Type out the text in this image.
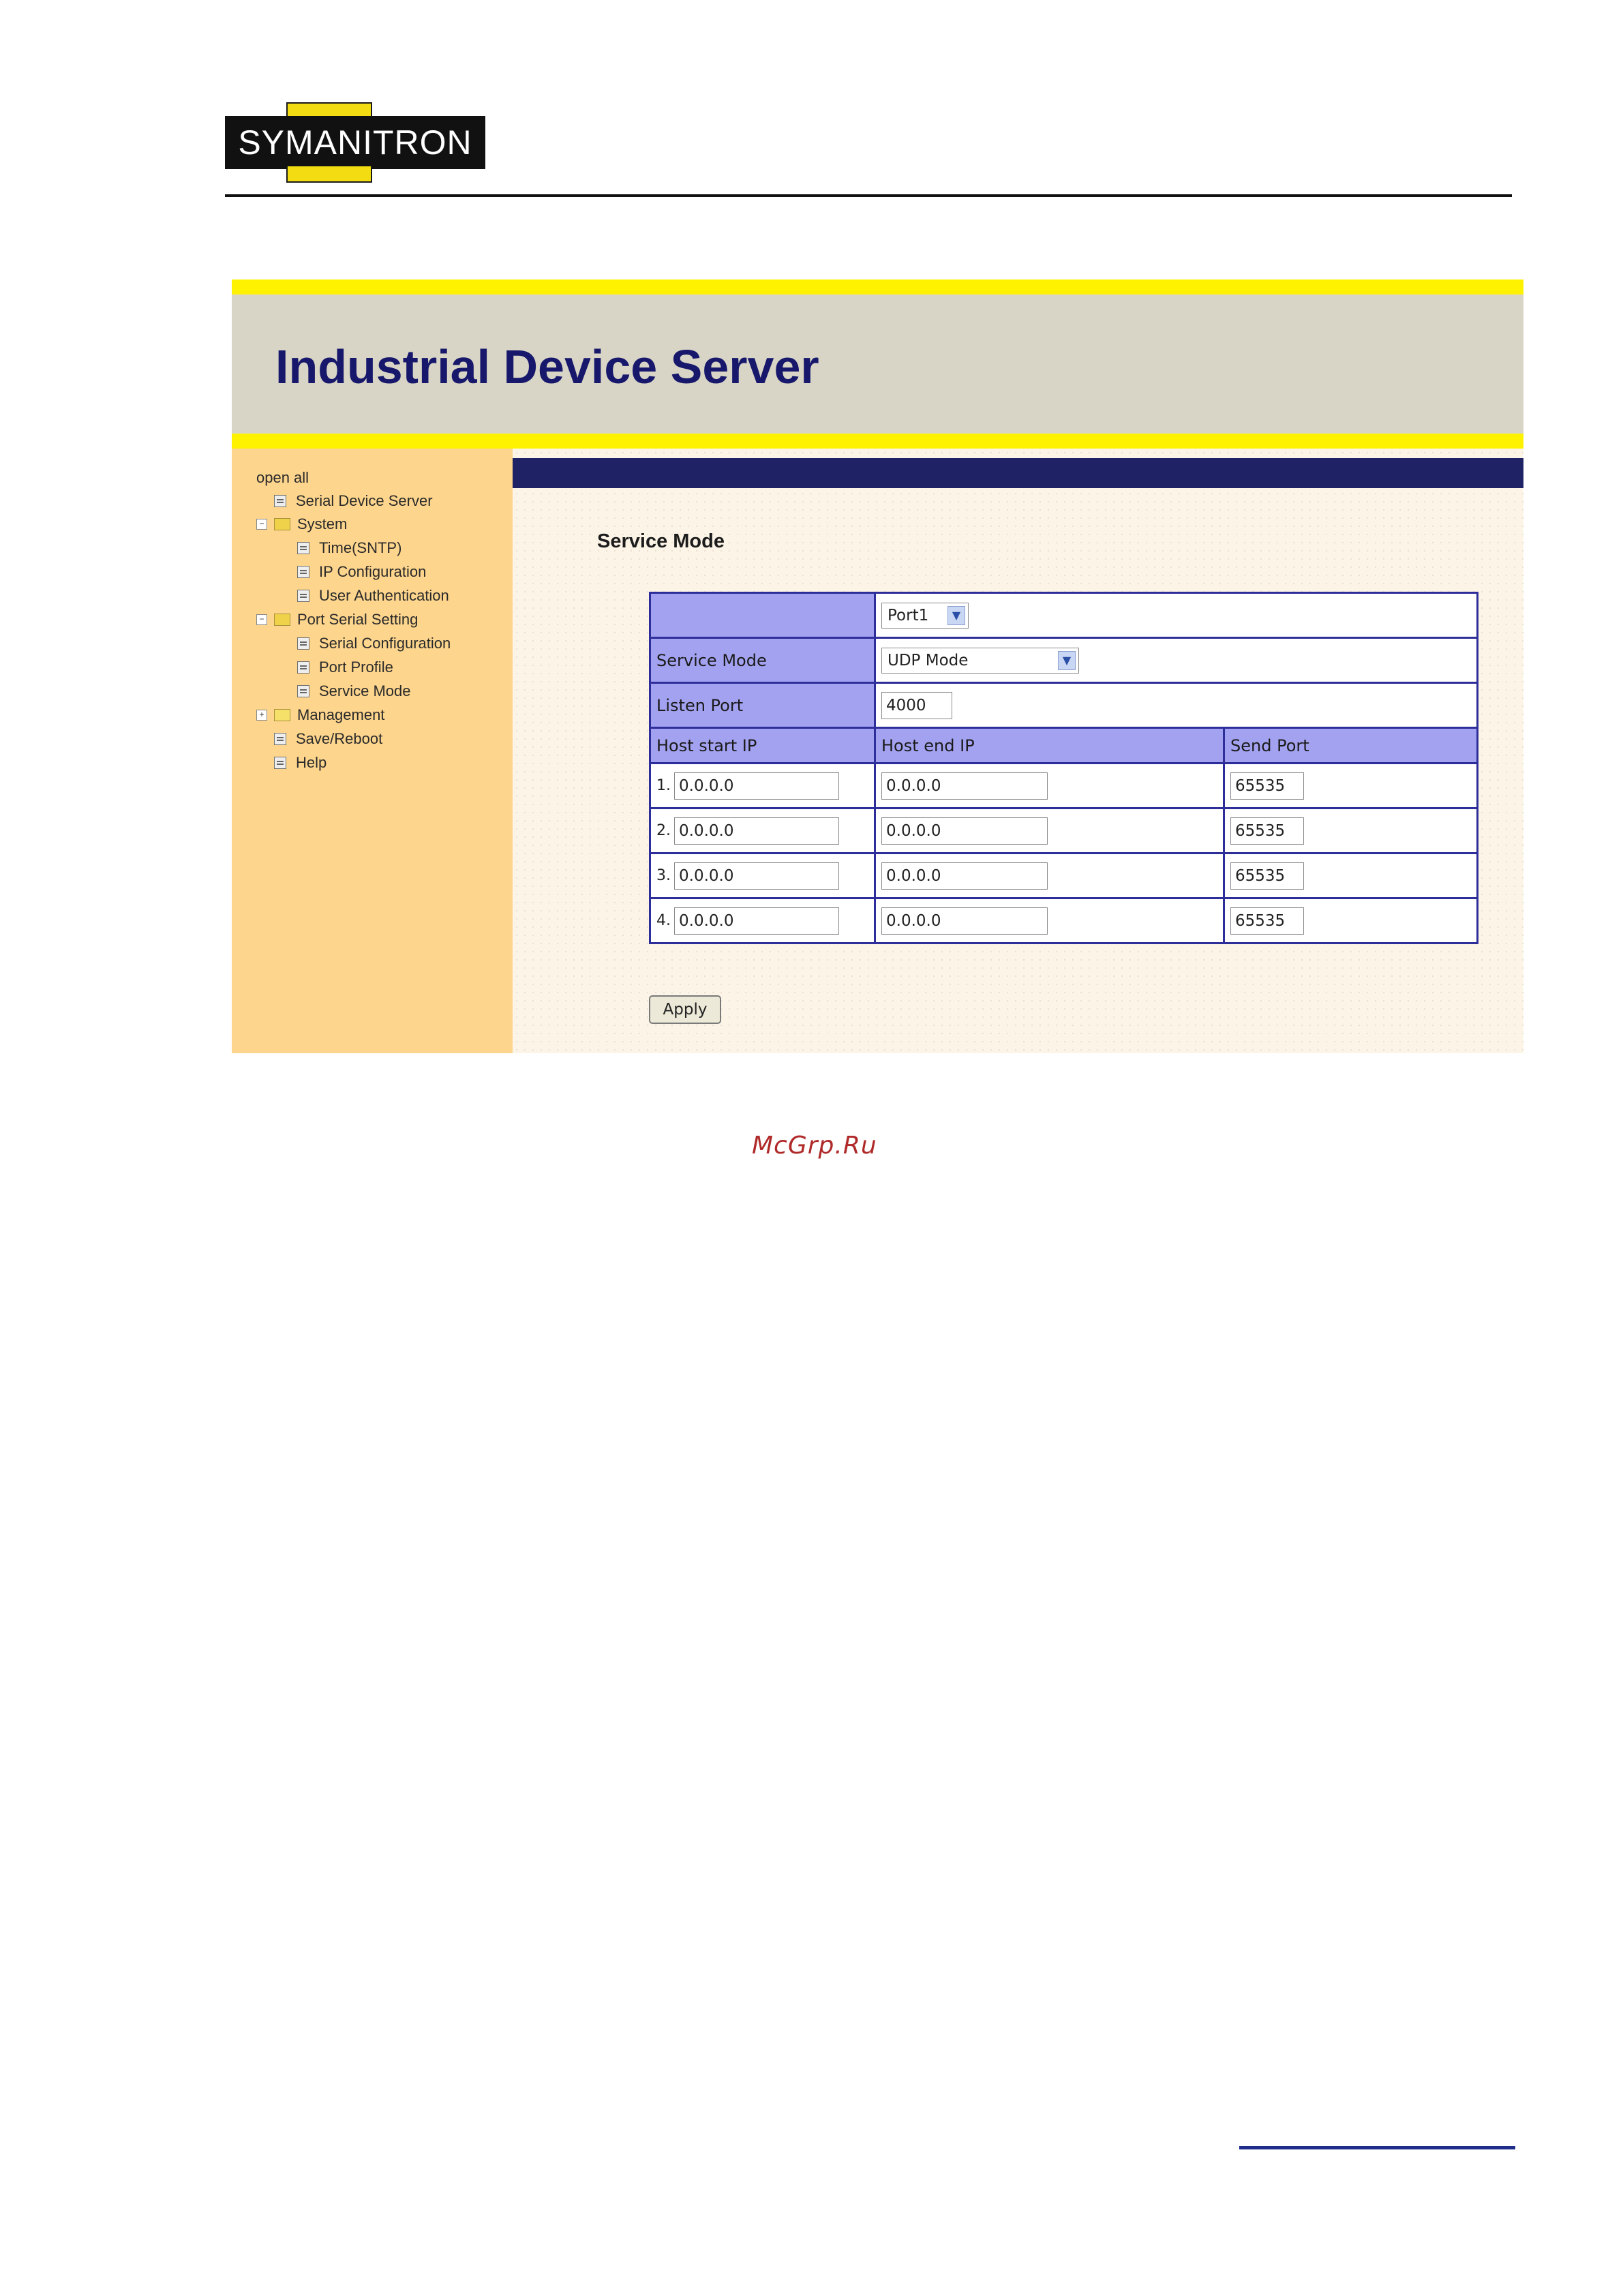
SYMANITRON
Industrial Device Server
open all
Serial Device Server
− System
Time(SNTP)
IP Configuration
User Authentication
− Port Serial Setting
Serial Configuration
Port Profile
Service Mode
+ Management
Save/Reboot
Help
Service Mode

	Port1 ▼	

Service Mode	UDP Mode ▼	

Listen Port	4000	
Host start IP	Host end IP	Send Port
1. 0.0.0.0	0.0.0.0	65535
2. 0.0.0.0	0.0.0.0	65535
3. 0.0.0.0	0.0.0.0	65535
4. 0.0.0.0	0.0.0.0	65535
Apply
McGrp.Ru
